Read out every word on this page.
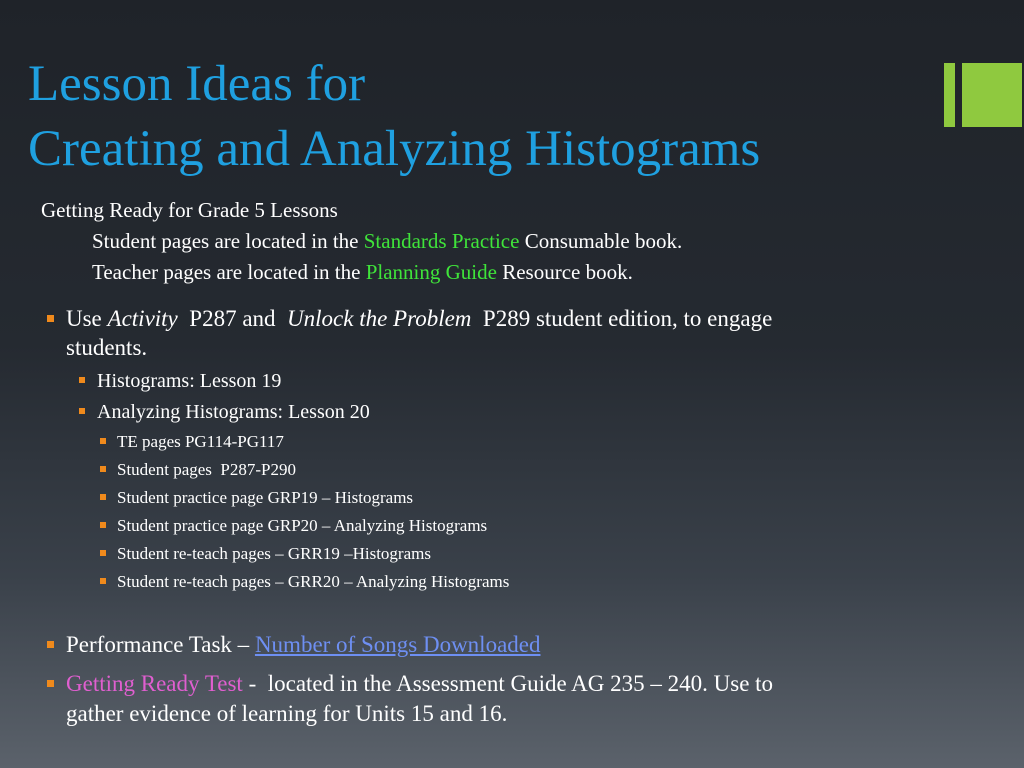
Lesson Ideas for
Creating and Analyzing Histograms
Getting Ready for Grade 5 Lessons
Student pages are located in the Standards Practice Consumable book.
Teacher pages are located in the Planning Guide Resource book.
Use Activity  P287 and  Unlock the Problem  P289 student edition, to engage
students.
Histograms: Lesson 19
Analyzing Histograms: Lesson 20
TE pages PG114-PG117
Student pages  P287-P290
Student practice page GRP19 – Histograms
Student practice page GRP20 – Analyzing Histograms
Student re-teach pages – GRR19 –Histograms
Student re-teach pages – GRR20 – Analyzing Histograms
Performance Task – Number of Songs Downloaded
Getting Ready Test -  located in the Assessment Guide AG 235 – 240. Use to
gather evidence of learning for Units 15 and 16.
